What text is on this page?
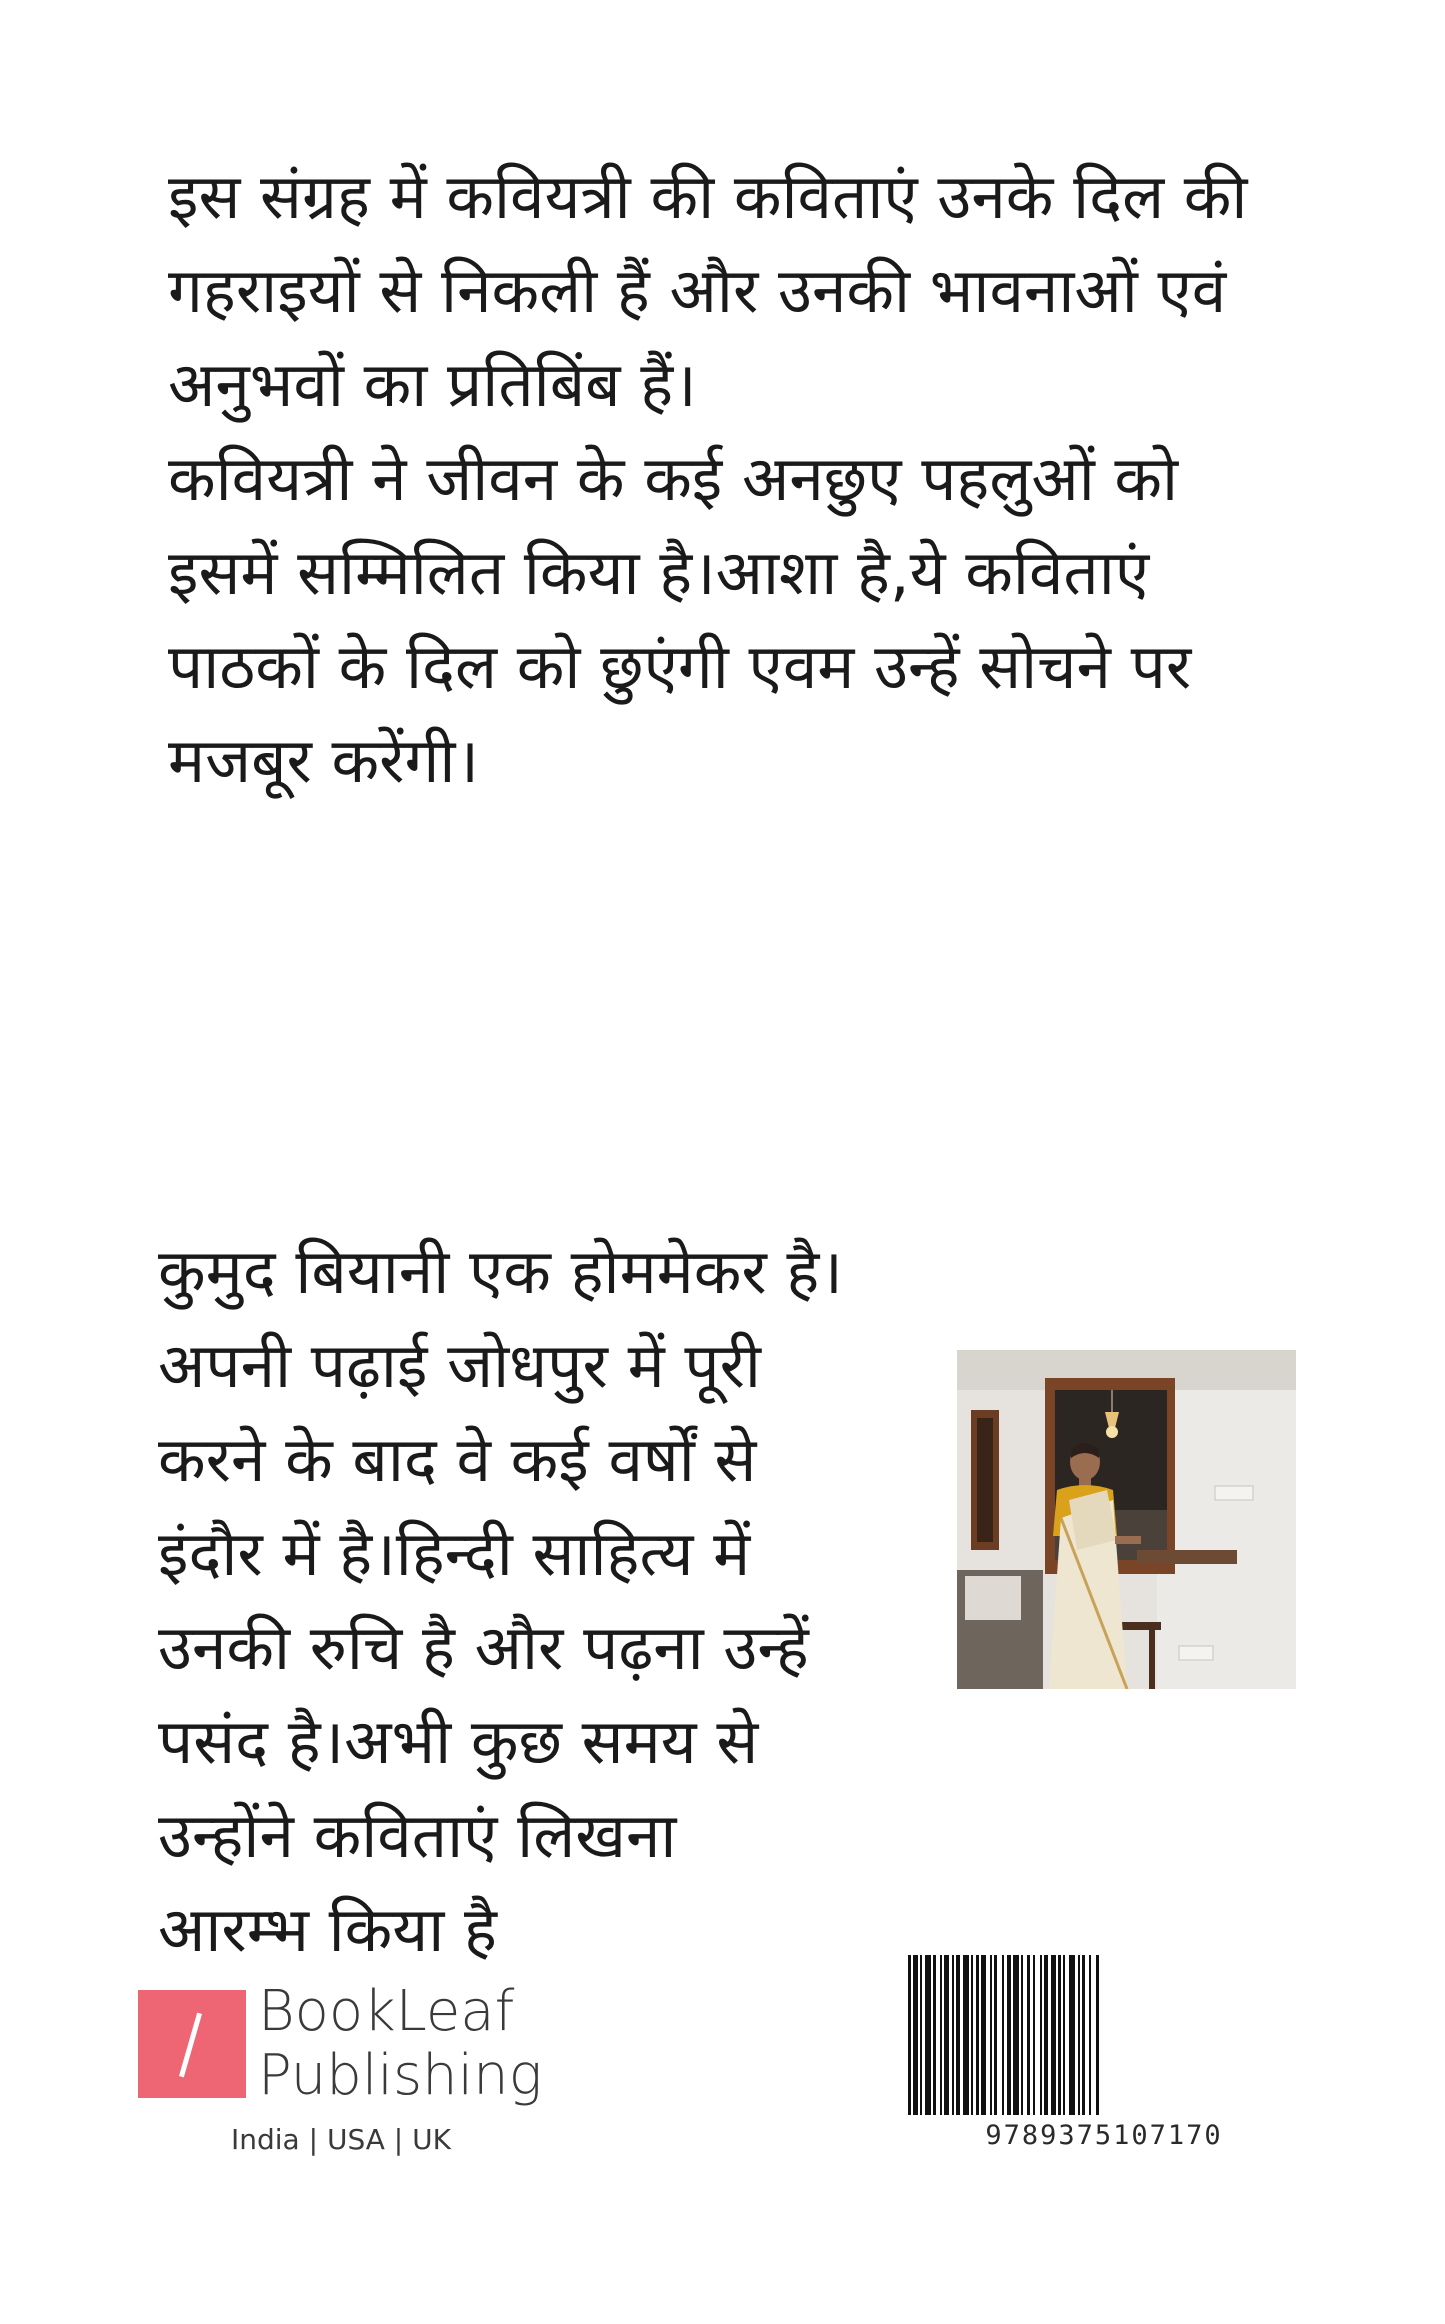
इस संग्रह में कवियत्री की कविताएं उनके दिल की
गहराइयों से निकली हैं और उनकी भावनाओं एवं
अनुभवों का प्रतिबिंब हैं।
कवियत्री ने जीवन के कई अनछुए पहलुओं को
इसमें सम्मिलित किया है।आशा है,ये कविताएं
पाठकों के दिल को छुएंगी एवम उन्हें सोचने पर
मजबूर करेंगी।
कुमुद बियानी एक होममेकर है।
अपनी पढ़ाई जोधपुर में पूरी
करने के बाद वे कई वर्षों से
इंदौर में है।हिन्दी साहित्य में
उनकी रुचि है और पढ़ना उन्हें
पसंद है।अभी कुछ समय से
उन्होंने कविताएं लिखना
आरम्भ किया है
BookLeaf
Publishing
India | USA | UK	9789375107170
